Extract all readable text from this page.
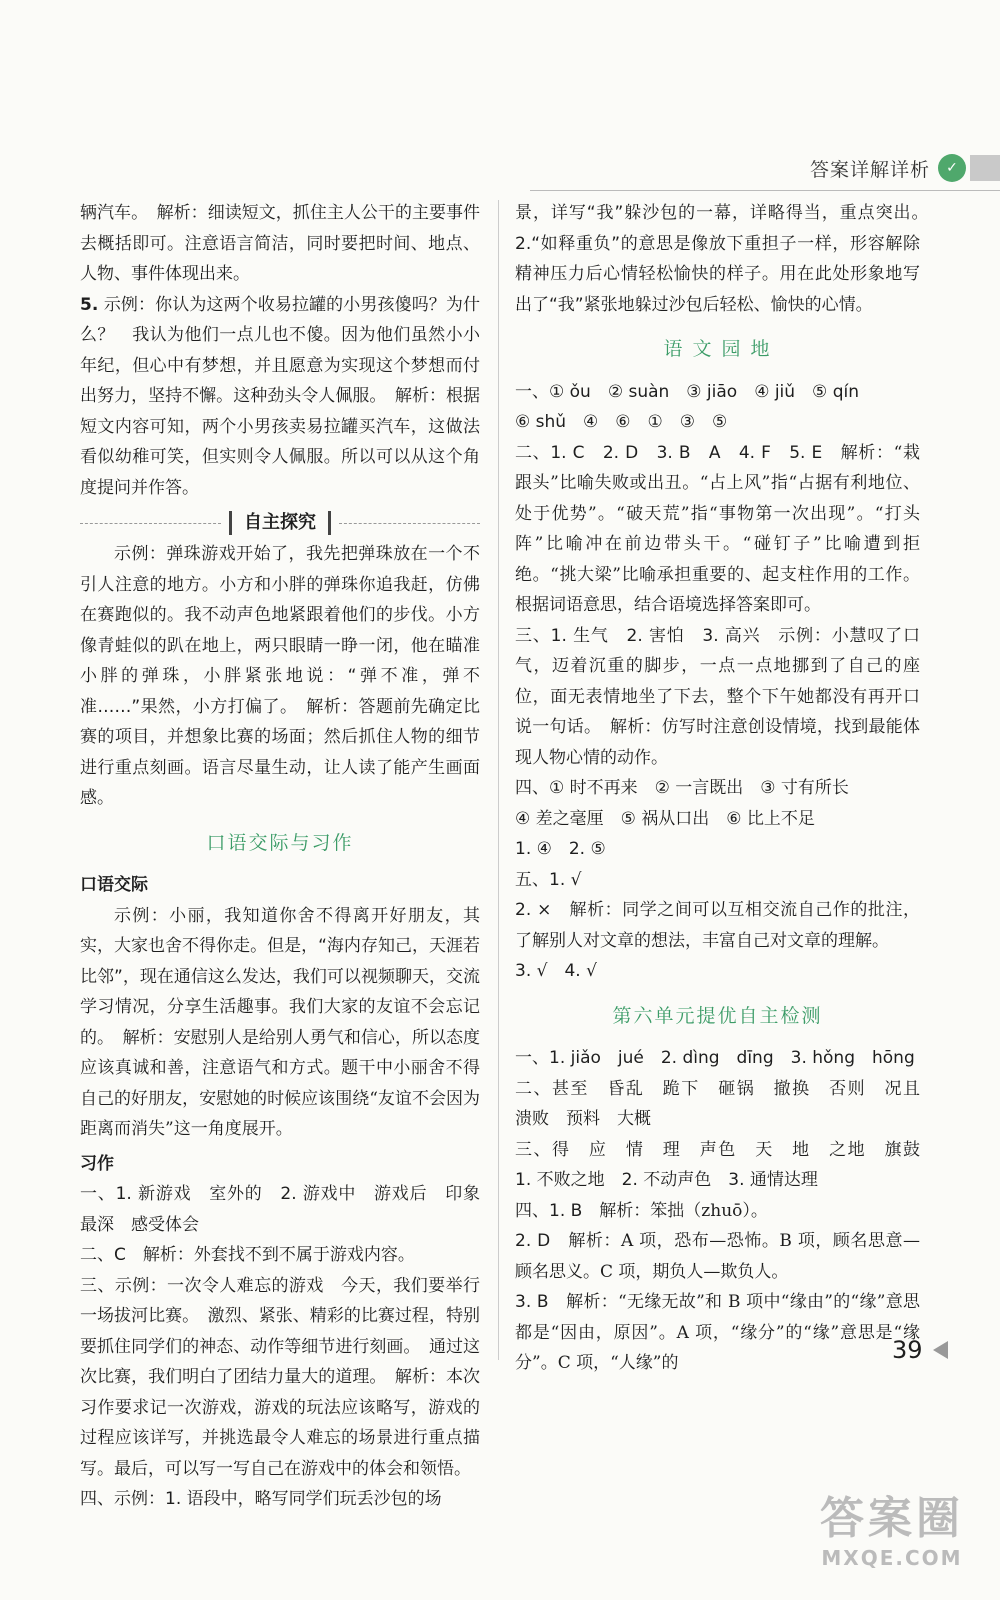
答案详解详析	✓

辆汽车。　 解析：细读短文，抓住主人公干的主要事件去概括即可。注意语言简洁，同时要把时间、地点、人物、事件体现出来。

5. 示例：你认为这两个收易拉罐的小男孩傻吗？为什么？　我认为他们一点儿也不傻。因为他们虽然小小年纪，但心中有梦想，并且愿意为实现这个梦想而付出努力，坚持不懈。这种劲头令人佩服。　 解析：根据短文内容可知，两个小男孩卖易拉罐买汽车，这做法看似幼稚可笑，但实则令人佩服。所以可以从这个角度提问并作答。

自主探究

示例：弹珠游戏开始了，我先把弹珠放在一个不引人注意的地方。小方和小胖的弹珠你追我赶，仿佛在赛跑似的。我不动声色地紧跟着他们的步伐。小方像青蛙似的趴在地上，两只眼睛一睁一闭，他在瞄准小胖的弹珠，小胖紧张地说：“弹不准，弹不准……”果然，小方打偏了。　 解析：答题前先确定比赛的项目，并想象比赛的场面；然后抓住人物的细节进行重点刻画。语言尽量生动，让人读了能产生画面感。

口语交际与习作
口语交际

示例：小丽，我知道你舍不得离开好朋友，其实，大家也舍不得你走。但是，“海内存知己，天涯若比邻”，现在通信这么发达，我们可以视频聊天，交流学习情况，分享生活趣事。我们大家的友谊不会忘记的。　 解析：安慰别人是给别人勇气和信心，所以态度应该真诚和善，注意语气和方式。题干中小丽舍不得自己的好朋友，安慰她的时候应该围绕“友谊不会因为距离而消失”这一角度展开。

习作

一、1. 新游戏　室外的　2. 游戏中　游戏后　印象最深　感受体会

二、C　 解析：外套找不到不属于游戏内容。

三、示例：一次令人难忘的游戏　今天，我们要举行一场拔河比赛。　激烈、紧张、精彩的比赛过程，特别要抓住同学们的神态、动作等细节进行刻画。　通过这次比赛，我们明白了团结力量大的道理。　 解析：本次习作要求记一次游戏，游戏的玩法应该略写，游戏的过程应该详写，并挑选最令人难忘的场景进行重点描写。最后，可以写一写自己在游戏中的体会和领悟。

四、示例：1. 语段中，略写同学们玩丢沙包的场

景，详写“我”躲沙包的一幕，详略得当，重点突出。　2.“如释重负”的意思是像放下重担子一样，形容解除精神压力后心情轻松愉快的样子。用在此处形象地写出了“我”紧张地躲过沙包后轻松、愉快的心情。

语 文 园 地

一、① ǒu　② suàn　③ jiāo　④ jiǔ　⑤ qín

⑥ shǔ　④　⑥　①　③　⑤

二、1. C　2. D　3. B　A　4. F　5. E　 解析：“栽跟头”比喻失败或出丑。“占上风”指“占据有利地位、处于优势”。“破天荒”指“事物第一次出现”。“打头阵”比喻冲在前边带头干。“碰钉子”比喻遭到拒绝。“挑大梁”比喻承担重要的、起支柱作用的工作。根据词语意思，结合语境选择答案即可。

三、1. 生气　2. 害怕　3. 高兴　示例：小慧叹了口气，迈着沉重的脚步，一点一点地挪到了自己的座位，面无表情地坐了下去，整个下午她都没有再开口说一句话。　 解析：仿写时注意创设情境，找到最能体现人物心情的动作。

四、① 时不再来　② 一言既出　③ 寸有所长

④ 差之毫厘　⑤ 祸从口出　⑥ 比上不足

1. ④　2. ⑤

五、1. √

2. ×　 解析：同学之间可以互相交流自己作的批注，了解别人对文章的想法，丰富自己对文章的理解。

3. √　4. √

第六单元提优自主检测

一、1. jiǎo　jué　2. dìng　dīng　3. hǒng　hōng

二、甚至　昏乱　跪下　砸锅　撤换　否则　况且　溃败　预料　大概

三、得　应　情　理　声色　天　地　之地　旗鼓　1. 不败之地　2. 不动声色　3. 通情达理

四、1. B　 解析：笨拙（zhuō）。

2. D　 解析：A 项，恐布—恐怖。B 项，顾名思意—顾名思义。C 项，期负人—欺负人。

3. B　 解析：“无缘无故”和 B 项中“缘由”的“缘”意思都是“因由，原因”。A 项，“缘分”的“缘”意思是“缘分”。C 项，“人缘”的	39
答案圈
MXQE.COM
